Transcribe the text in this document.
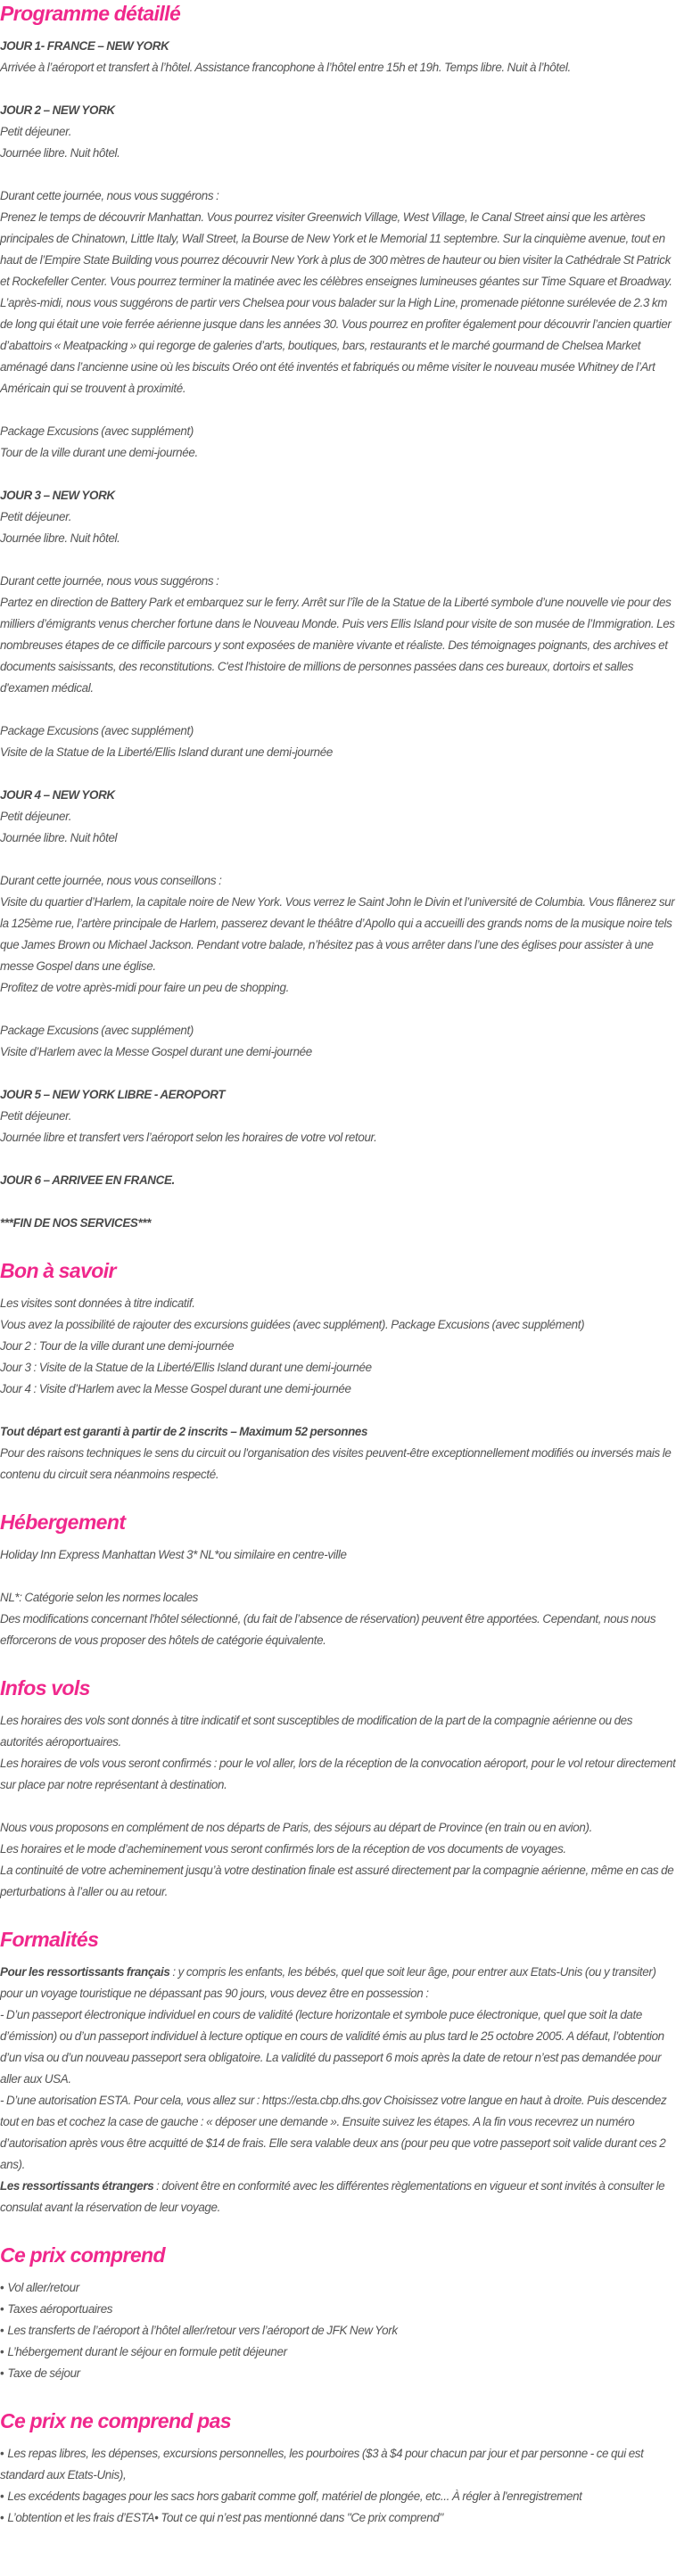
Programme détaillé
JOUR 1- FRANCE – NEW YORK
Arrivée à l’aéroport et transfert à l’hôtel. Assistance francophone à l’hôtel entre 15h et 19h. Temps libre. Nuit à l’hôtel.
JOUR 2 – NEW YORK
Petit déjeuner.
Journée libre. Nuit hôtel.
Durant cette journée, nous vous suggérons :
Prenez le temps de découvrir Manhattan. Vous pourrez visiter Greenwich Village, West Village, le Canal Street ainsi que les artères principales de Chinatown, Little Italy, Wall Street, la Bourse de New York et le Memorial 11 septembre. Sur la cinquième avenue, tout en haut de l’Empire State Building vous pourrez découvrir New York à plus de 300 mètres de hauteur ou bien visiter la Cathédrale St Patrick et Rockefeller Center. Vous pourrez terminer la matinée avec les célèbres enseignes lumineuses géantes sur Time Square et Broadway.
L’après-midi, nous vous suggérons de partir vers Chelsea pour vous balader sur la High Line, promenade piétonne surélevée de 2.3 km de long qui était une voie ferrée aérienne jusque dans les années 30. Vous pourrez en profiter également pour découvrir l’ancien quartier d’abattoirs « Meatpacking » qui regorge de galeries d’arts, boutiques, bars, restaurants et le marché gourmand de Chelsea Market aménagé dans l’ancienne usine où les biscuits Oréo ont été inventés et fabriqués ou même visiter le nouveau musée Whitney de l’Art Américain qui se trouvent à proximité.
Package Excusions (avec supplément)
Tour de la ville durant une demi-journée.
JOUR 3 – NEW YORK
Petit déjeuner.
Journée libre. Nuit hôtel.
Durant cette journée, nous vous suggérons :
Partez en direction de Battery Park et embarquez sur le ferry. Arrêt sur l’île de la Statue de la Liberté symbole d’une nouvelle vie pour des milliers d’émigrants venus chercher fortune dans le Nouveau Monde. Puis vers Ellis Island pour visite de son musée de l’Immigration. Les nombreuses étapes de ce difficile parcours y sont exposées de manière vivante et réaliste. Des témoignages poignants, des archives et documents saisissants, des reconstitutions. C'est l'histoire de millions de personnes passées dans ces bureaux, dortoirs et salles d'examen médical.
Package Excusions (avec supplément)
Visite de la Statue de la Liberté/Ellis Island durant une demi-journée
JOUR 4 – NEW YORK
Petit déjeuner.
Journée libre. Nuit hôtel
Durant cette journée, nous vous conseillons :
Visite du quartier d’Harlem, la capitale noire de New York. Vous verrez le Saint John le Divin et l’université de Columbia. Vous flânerez sur la 125ème rue, l’artère principale de Harlem, passerez devant le théâtre d’Apollo qui a accueilli des grands noms de la musique noire tels que James Brown ou Michael Jackson. Pendant votre balade, n’hésitez pas à vous arrêter dans l’une des églises pour assister à une messe Gospel dans une église.
Profitez de votre après-midi pour faire un peu de shopping.
Package Excusions (avec supplément)
Visite d’Harlem avec la Messe Gospel durant une demi-journée
JOUR 5 – NEW YORK LIBRE - AEROPORT
Petit déjeuner.
Journée libre et transfert vers l’aéroport selon les horaires de votre vol retour.
JOUR 6 – ARRIVEE EN FRANCE.
***FIN DE NOS SERVICES***
Bon à savoir
Les visites sont données à titre indicatif.
Vous avez la possibilité de rajouter des excursions guidées (avec supplément). Package Excusions (avec supplément)
Jour 2 : Tour de la ville durant une demi-journée
Jour 3 : Visite de la Statue de la Liberté/Ellis Island durant une demi-journée
Jour 4 : Visite d’Harlem avec la Messe Gospel durant une demi-journée
Tout départ est garanti à partir de 2 inscrits – Maximum 52 personnes
Pour des raisons techniques le sens du circuit ou l'organisation des visites peuvent-être exceptionnellement modifiés ou inversés mais le contenu du circuit sera néanmoins respecté.
Hébergement
Holiday Inn Express Manhattan West 3* NL*ou similaire en centre-ville
NL*: Catégorie selon les normes locales
Des modifications concernant l'hôtel sélectionné, (du fait de l’absence de réservation) peuvent être apportées. Cependant, nous nous efforcerons de vous proposer des hôtels de catégorie équivalente.
Infos vols
Les horaires des vols sont donnés à titre indicatif et sont susceptibles de modification de la part de la compagnie aérienne ou des autorités aéroportuaires.
Les horaires de vols vous seront confirmés : pour le vol aller, lors de la réception de la convocation aéroport, pour le vol retour directement sur place par notre représentant à destination.
Nous vous proposons en complément de nos départs de Paris, des séjours au départ de Province (en train ou en avion).
Les horaires et le mode d’acheminement vous seront confirmés lors de la réception de vos documents de voyages.
La continuité de votre acheminement jusqu’à votre destination finale est assuré directement par la compagnie aérienne, même en cas de perturbations à l’aller ou au retour.
Formalités
Pour les ressortissants français : y compris les enfants, les bébés, quel que soit leur âge, pour entrer aux Etats-Unis (ou y transiter) pour un voyage touristique ne dépassant pas 90 jours, vous devez être en possession :
- D’un passeport électronique individuel en cours de validité (lecture horizontale et symbole puce électronique, quel que soit la date d’émission) ou d’un passeport individuel à lecture optique en cours de validité émis au plus tard le 25 octobre 2005. A défaut, l’obtention d’un visa ou d’un nouveau passeport sera obligatoire. La validité du passeport 6 mois après la date de retour n’est pas demandée pour aller aux USA.
- D’une autorisation ESTA. Pour cela, vous allez sur : https://esta.cbp.dhs.gov Choisissez votre langue en haut à droite. Puis descendez tout en bas et cochez la case de gauche : « déposer une demande ». Ensuite suivez les étapes. A la fin vous recevrez un numéro d’autorisation après vous être acquitté de $14 de frais. Elle sera valable deux ans (pour peu que votre passeport soit valide durant ces 2 ans).
Les ressortissants étrangers : doivent être en conformité avec les différentes règlementations en vigueur et sont invités à consulter le consulat avant la réservation de leur voyage.
Ce prix comprend
• Vol aller/retour
• Taxes aéroportuaires
• Les transferts de l’aéroport à l’hôtel aller/retour vers l’aéroport de JFK New York
• L’hébergement durant le séjour en formule petit déjeuner
• Taxe de séjour
Ce prix ne comprend pas
• Les repas libres, les dépenses, excursions personnelles, les pourboires ($3 à $4 pour chacun par jour et par personne - ce qui est standard aux Etats-Unis),
• Les excédents bagages pour les sacs hors gabarit comme golf, matériel de plongée, etc... À régler à l'enregistrement
• L’obtention et les frais d’ESTA• Tout ce qui n’est pas mentionné dans "Ce prix comprend"
